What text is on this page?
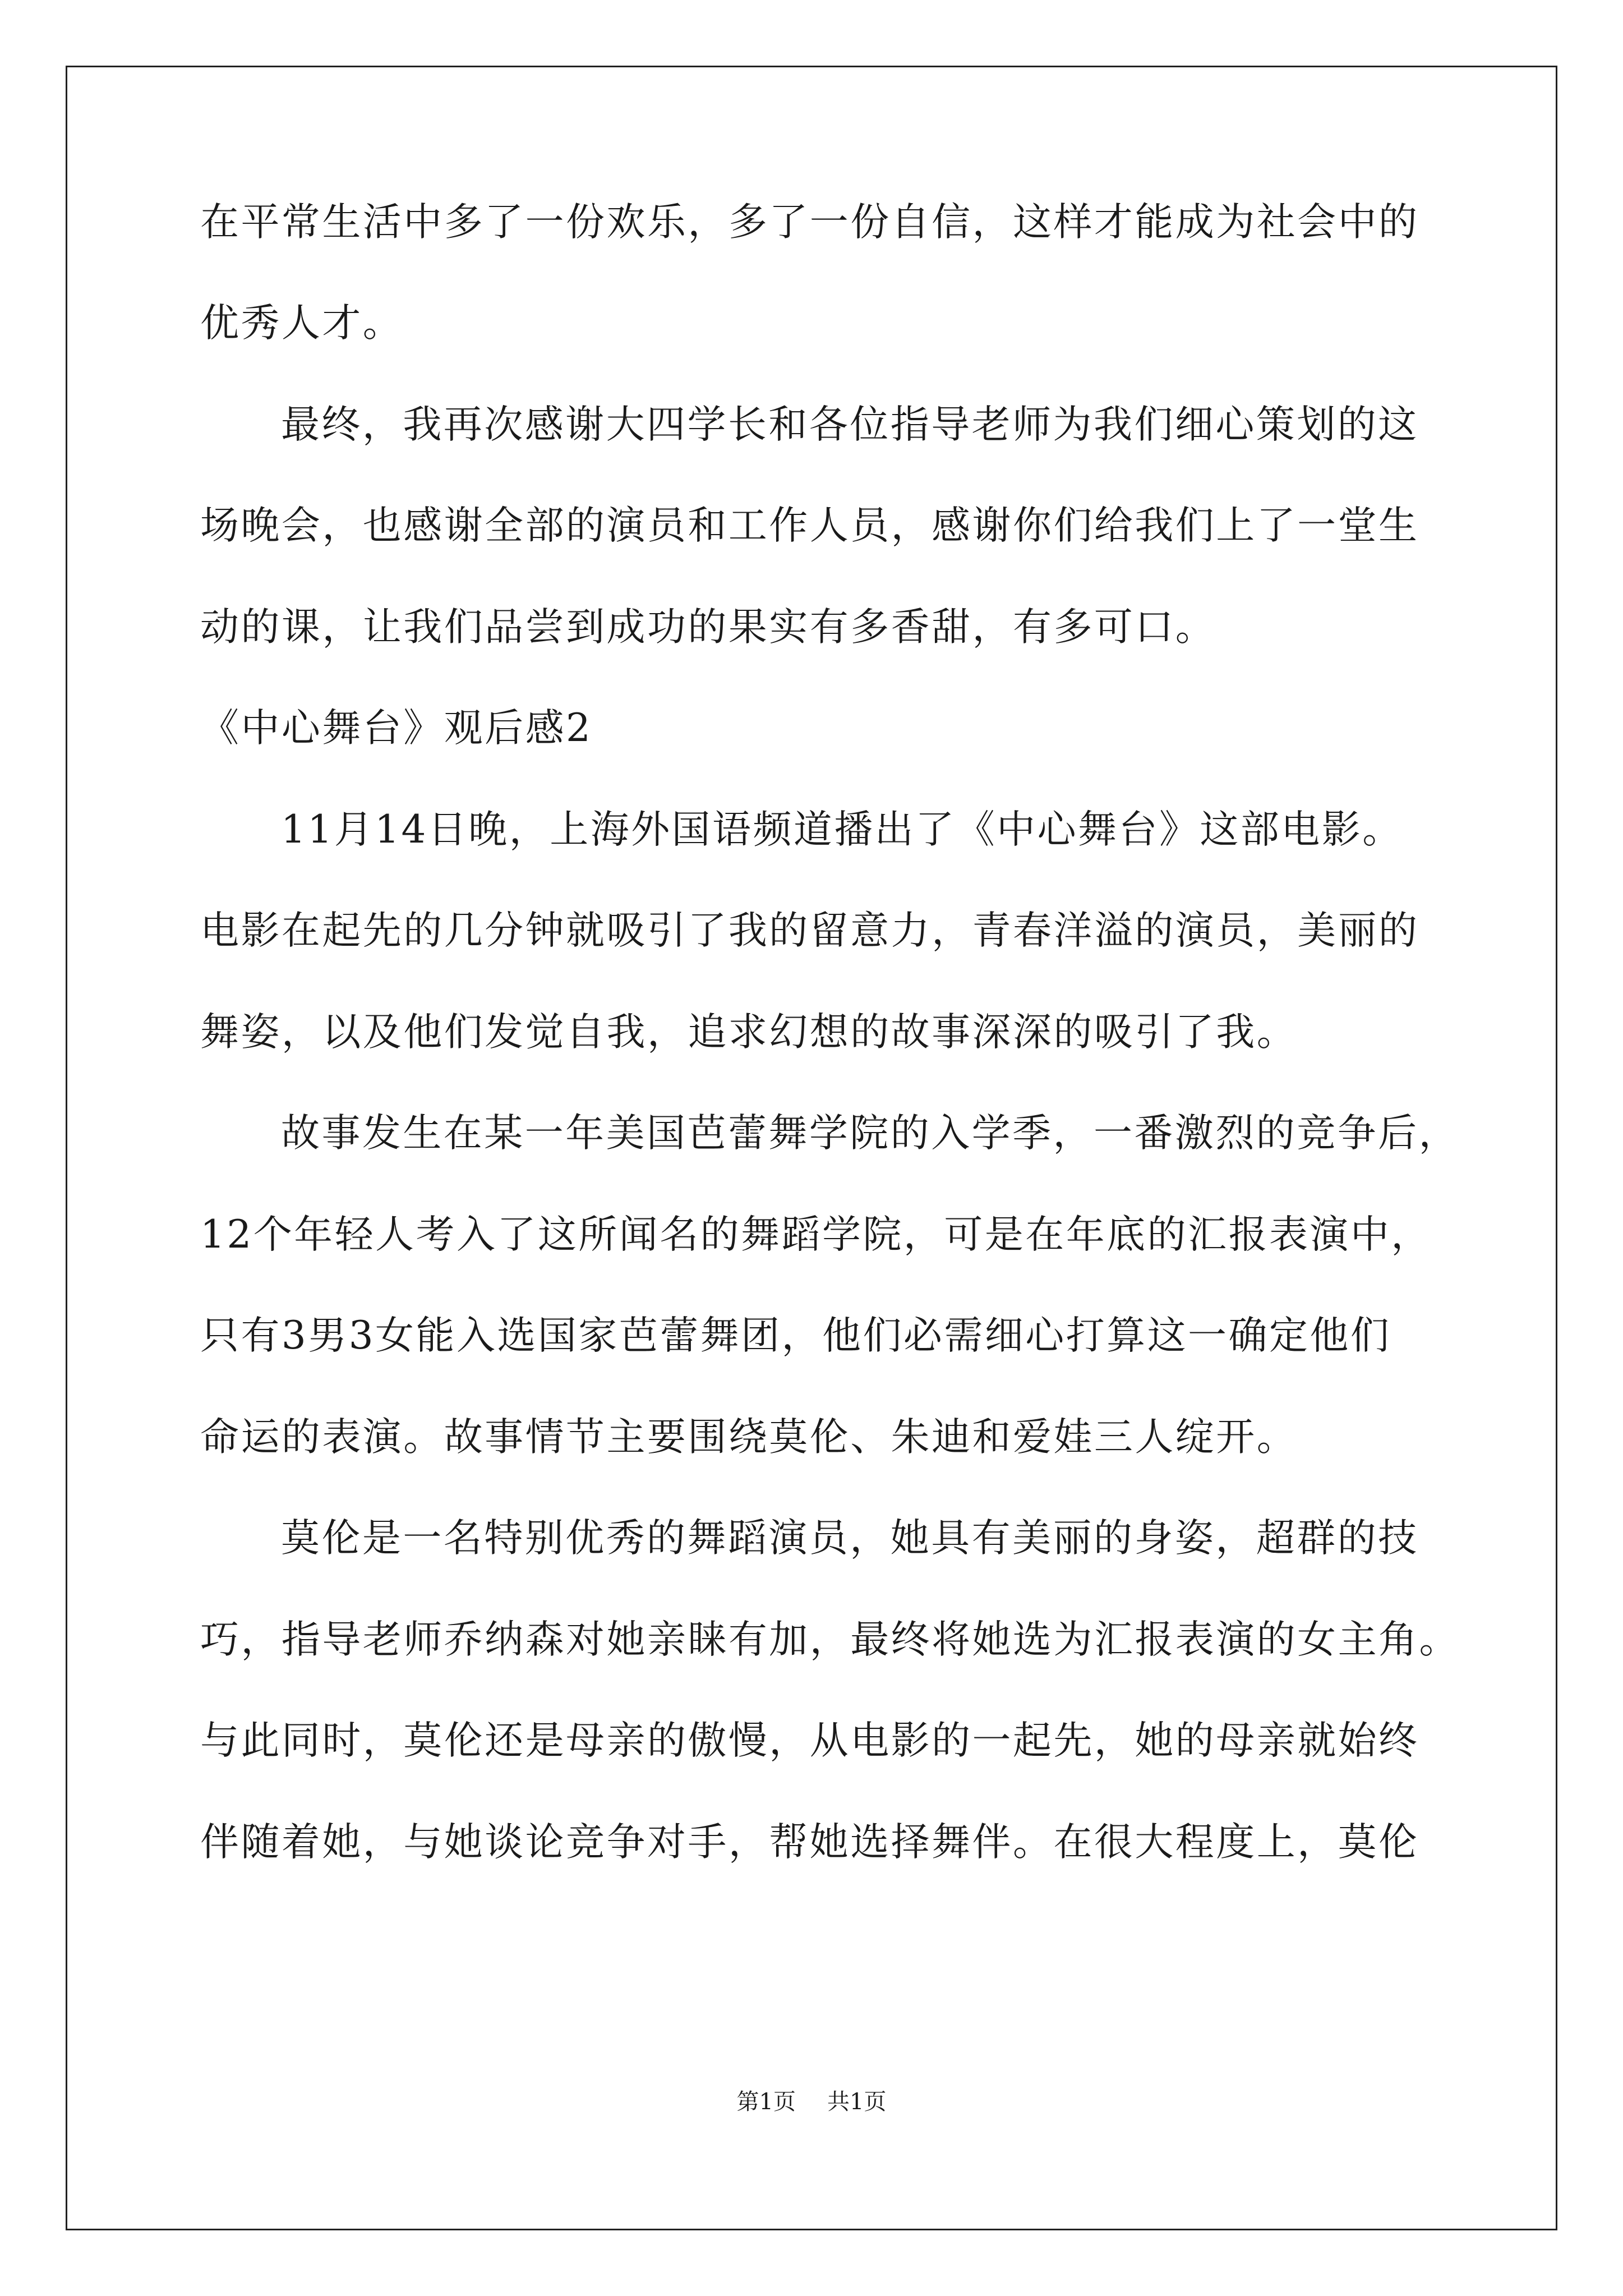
在平常生活中多了一份欢乐，多了一份自信，这样才能成为社会中的
优秀人才。
最终，我再次感谢大四学长和各位指导老师为我们细心策划的这
场晚会，也感谢全部的演员和工作人员，感谢你们给我们上了一堂生
动的课，让我们品尝到成功的果实有多香甜，有多可口。
《中心舞台》观后感2
11月14日晚，上海外国语频道播出了《中心舞台》这部电影。
电影在起先的几分钟就吸引了我的留意力，青春洋溢的演员，美丽的
舞姿，以及他们发觉自我，追求幻想的故事深深的吸引了我。
故事发生在某一年美国芭蕾舞学院的入学季，一番激烈的竞争后，
12个年轻人考入了这所闻名的舞蹈学院，可是在年底的汇报表演中，
只有3男3女能入选国家芭蕾舞团，他们必需细心打算这一确定他们
命运的表演。故事情节主要围绕莫伦、朱迪和爱娃三人绽开。
莫伦是一名特别优秀的舞蹈演员，她具有美丽的身姿，超群的技
巧，指导老师乔纳森对她亲睐有加，最终将她选为汇报表演的女主角。
与此同时，莫伦还是母亲的傲慢，从电影的一起先，她的母亲就始终
伴随着她，与她谈论竞争对手，帮她选择舞伴。在很大程度上，莫伦
第1页 共1页
